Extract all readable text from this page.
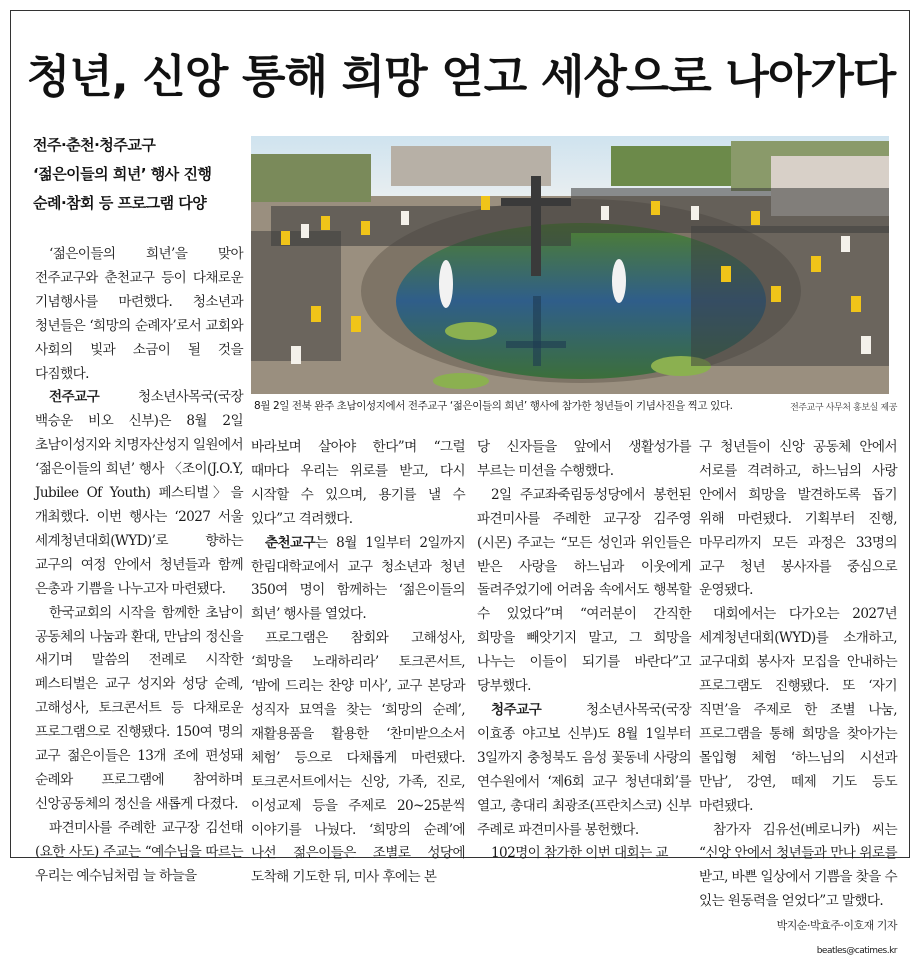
청년, 신앙 통해 희망 얻고 세상으로 나아가다
전주·춘천·청주교구
‘젊은이들의 희년’ 행사 진행
순례·참회 등 프로그램 다양
8월 2일 전북 완주 초남이성지에서 전주교구 ‘젊은이들의 희년’ 행사에 참가한 청년들이 기념사진을 찍고 있다.	전주교구 사무처 홍보실 제공

‘젊은이들의 희년’을 맞아 전주교구와 춘천교구 등이 다채로운 기념행사를 마련했다. 청소년과 청년들은 ‘희망의 순례자’로서 교회와 사회의 빛과 소금이 될 것을 다짐했다.

전주교구 청소년사목국(국장 백승운 비오 신부)은 8월 2일 초남이성지와 치명자산성지 일원에서 ‘젊은이들의 희년’ 행사 〈조이(J.O.Y, Jubilee Of Youth) 페스티벌〉을 개최했다. 이번 행사는 ‘2027 서울 세계청년대회(WYD)’로 향하는 교구의 여정 안에서 청년들과 함께 은총과 기쁨을 나누고자 마련됐다.

한국교회의 시작을 함께한 초남이 공동체의 나눔과 환대, 만남의 정신을 새기며 말씀의 전례로 시작한 페스티벌은 교구 성지와 성당 순례, 고해성사, 토크콘서트 등 다채로운 프로그램으로 진행됐다. 150여 명의 교구 젊은이들은 13개 조에 편성돼 순례와 프로그램에 참여하며 신앙공동체의 정신을 새롭게 다졌다.

파견미사를 주례한 교구장 김선태(요한 사도) 주교는 “예수님을 따르는 우리는 예수님처럼 늘 하늘을

바라보며 살아야 한다”며 “그럴 때마다 우리는 위로를 받고, 다시 시작할 수 있으며, 용기를 낼 수 있다”고 격려했다.

춘천교구는 8월 1일부터 2일까지 한림대학교에서 교구 청소년과 청년 350여 명이 함께하는 ‘젊은이들의 희년’ 행사를 열었다.

프로그램은 참회와 고해성사, ‘희망을 노래하리라’ 토크콘서트, ‘밤에 드리는 찬양 미사’, 교구 본당과 성직자 묘역을 찾는 ‘희망의 순례’, 재활용품을 활용한 ‘찬미받으소서 체험’ 등으로 다채롭게 마련됐다. 토크콘서트에서는 신앙, 가족, 진로, 이성교제 등을 주제로 20~25분씩 이야기를 나눴다. ‘희망의 순례’에 나선 젊은이들은 조별로 성당에 도착해 기도한 뒤, 미사 후에는 본

당 신자들을 앞에서 생활성가를 부르는 미션을 수행했다.

2일 주교좌죽림동성당에서 봉헌된 파견미사를 주례한 교구장 김주영(시몬) 주교는 “모든 성인과 위인들은 받은 사랑을 하느님과 이웃에게 돌려주었기에 어려움 속에서도 행복할 수 있었다”며 “여러분이 간직한 희망을 빼앗기지 말고, 그 희망을 나누는 이들이 되기를 바란다”고 당부했다.

청주교구 청소년사목국(국장 이효종 야고보 신부)도 8월 1일부터 3일까지 충청북도 음성 꽃동네 사랑의 연수원에서 ‘제6회 교구 청년대회’를 열고, 총대리 최광조(프란치스코) 신부 주례로 파견미사를 봉헌했다.

102명이 참가한 이번 대회는 교

구 청년들이 신앙 공동체 안에서 서로를 격려하고, 하느님의 사랑 안에서 희망을 발견하도록 돕기 위해 마련됐다. 기획부터 진행, 마무리까지 모든 과정은 33명의 교구 청년 봉사자를 중심으로 운영됐다.

대회에서는 다가오는 2027년 세계청년대회(WYD)를 소개하고, 교구대회 봉사자 모집을 안내하는 프로그램도 진행됐다. 또 ‘자기 직면’을 주제로 한 조별 나눔, 프로그램을 통해 희망을 찾아가는 몰입형 체험 ‘하느님의 시선과 만남’, 강연, 떼제 기도 등도 마련됐다.

참가자 김유선(베로니카) 씨는 “신앙 안에서 청년들과 만나 위로를 받고, 바쁜 일상에서 기쁨을 찾을 수 있는 원동력을 얻었다”고 말했다.

박지순·박효주·이호재 기자 beatles@catimes.kr
